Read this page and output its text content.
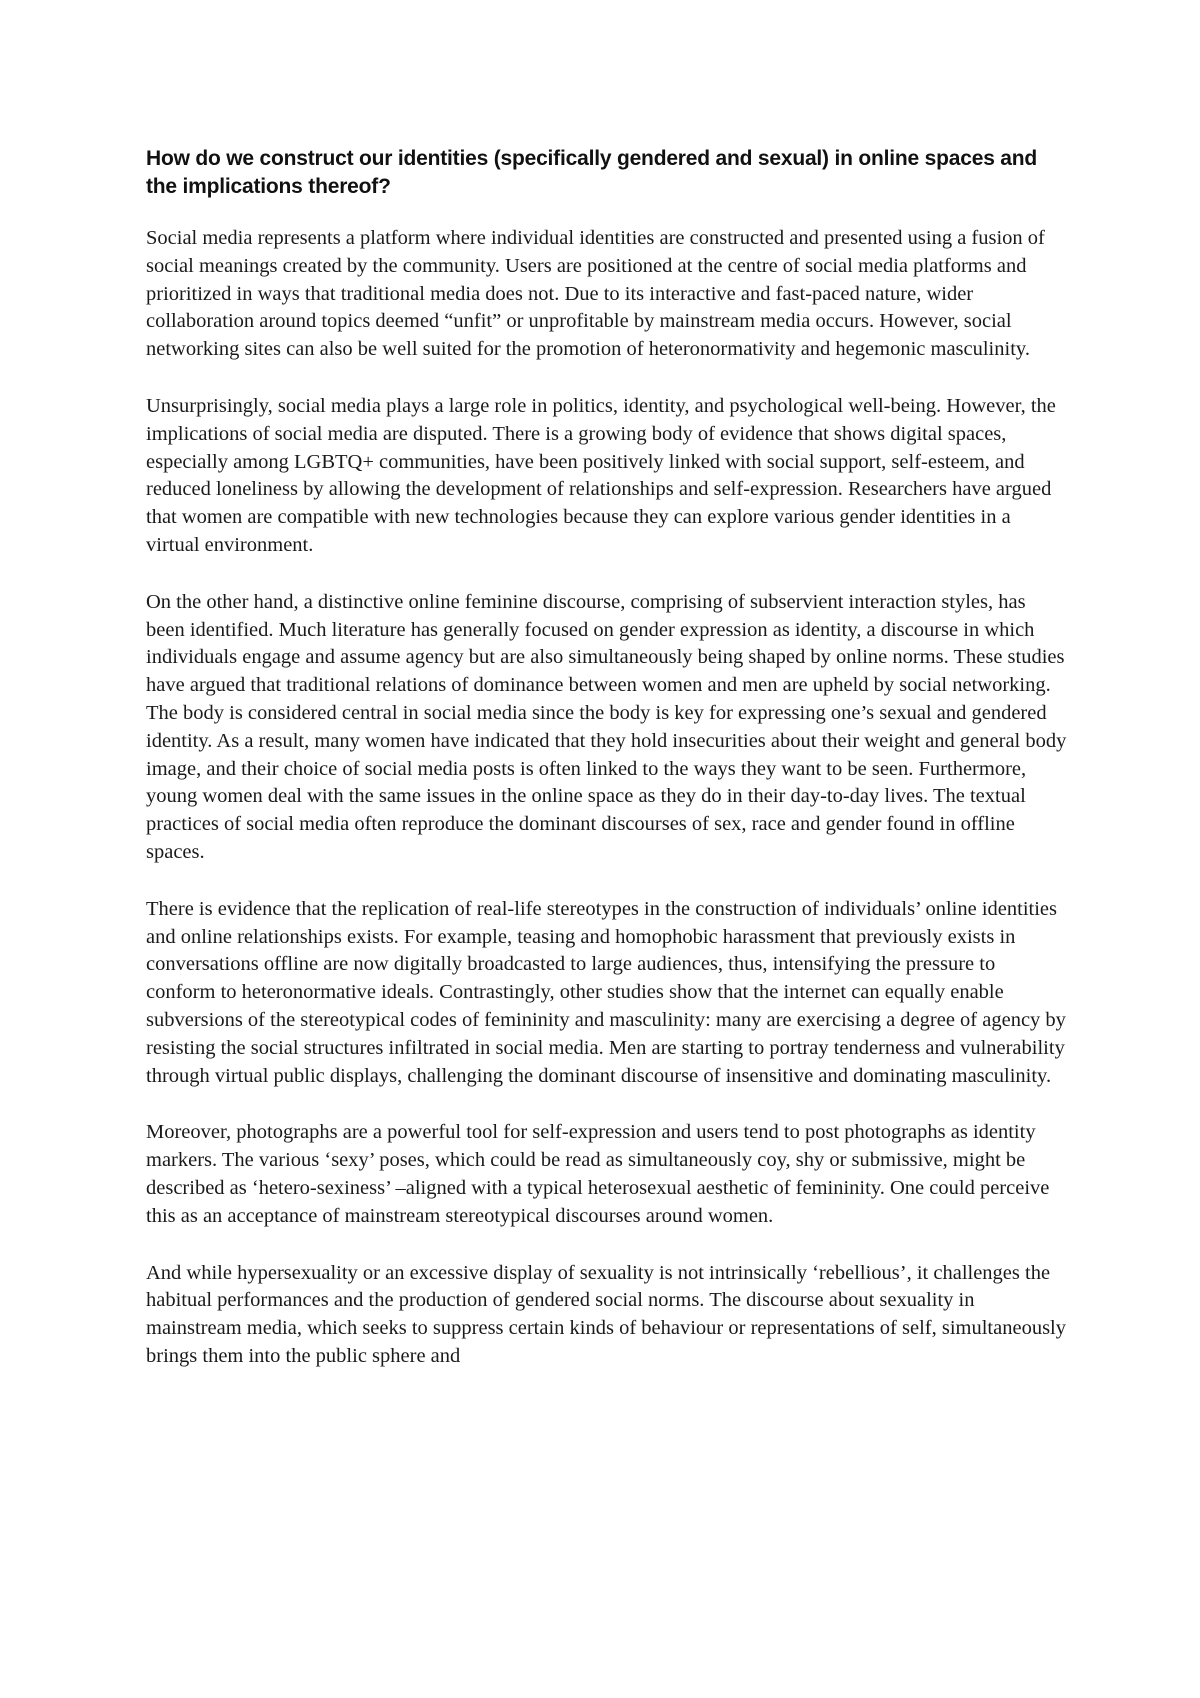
How do we construct our identities (specifically gendered and sexual) in online spaces and the implications thereof?

Social media represents a platform where individual identities are constructed and presented using a fusion of social meanings created by the community. Users are positioned at the centre of social media platforms and prioritized in ways that traditional media does not. Due to its interactive and fast-paced nature, wider collaboration around topics deemed “unfit” or unprofitable by mainstream media occurs. However, social networking sites can also be well suited for the promotion of heteronormativity and hegemonic masculinity.

Unsurprisingly, social media plays a large role in politics, identity, and psychological well-being. However, the implications of social media are disputed. There is a growing body of evidence that shows digital spaces, especially among LGBTQ+ communities, have been positively linked with social support, self-esteem, and reduced loneliness by allowing the development of relationships and self-expression. Researchers have argued that women are compatible with new technologies because they can explore various gender identities in a virtual environment.

On the other hand, a distinctive online feminine discourse, comprising of subservient interaction styles, has been identified. Much literature has generally focused on gender expression as identity, a discourse in which individuals engage and assume agency but are also simultaneously being shaped by online norms. These studies have argued that traditional relations of dominance between women and men are upheld by social networking. The body is considered central in social media since the body is key for expressing one’s sexual and gendered identity. As a result, many women have indicated that they hold insecurities about their weight and general body image, and their choice of social media posts is often linked to the ways they want to be seen. Furthermore, young women deal with the same issues in the online space as they do in their day-to-day lives. The textual practices of social media often reproduce the dominant discourses of sex, race and gender found in offline spaces.

There is evidence that the replication of real-life stereotypes in the construction of individuals’ online identities and online relationships exists. For example, teasing and homophobic harassment that previously exists in conversations offline are now digitally broadcasted to large audiences, thus, intensifying the pressure to conform to heteronormative ideals. Contrastingly, other studies show that the internet can equally enable subversions of the stereotypical codes of femininity and masculinity: many are exercising a degree of agency by resisting the social structures infiltrated in social media. Men are starting to portray tenderness and vulnerability through virtual public displays, challenging the dominant discourse of insensitive and dominating masculinity.

Moreover, photographs are a powerful tool for self-expression and users tend to post photographs as identity markers. The various ‘sexy’ poses, which could be read as simultaneously coy, shy or submissive, might be described as ‘hetero-sexiness’ –aligned with a typical heterosexual aesthetic of femininity. One could perceive this as an acceptance of mainstream stereotypical discourses around women.

And while hypersexuality or an excessive display of sexuality is not intrinsically ‘rebellious’, it challenges the habitual performances and the production of gendered social norms. The discourse about sexuality in mainstream media, which seeks to suppress certain kinds of behaviour or representations of self, simultaneously brings them into the public sphere and
